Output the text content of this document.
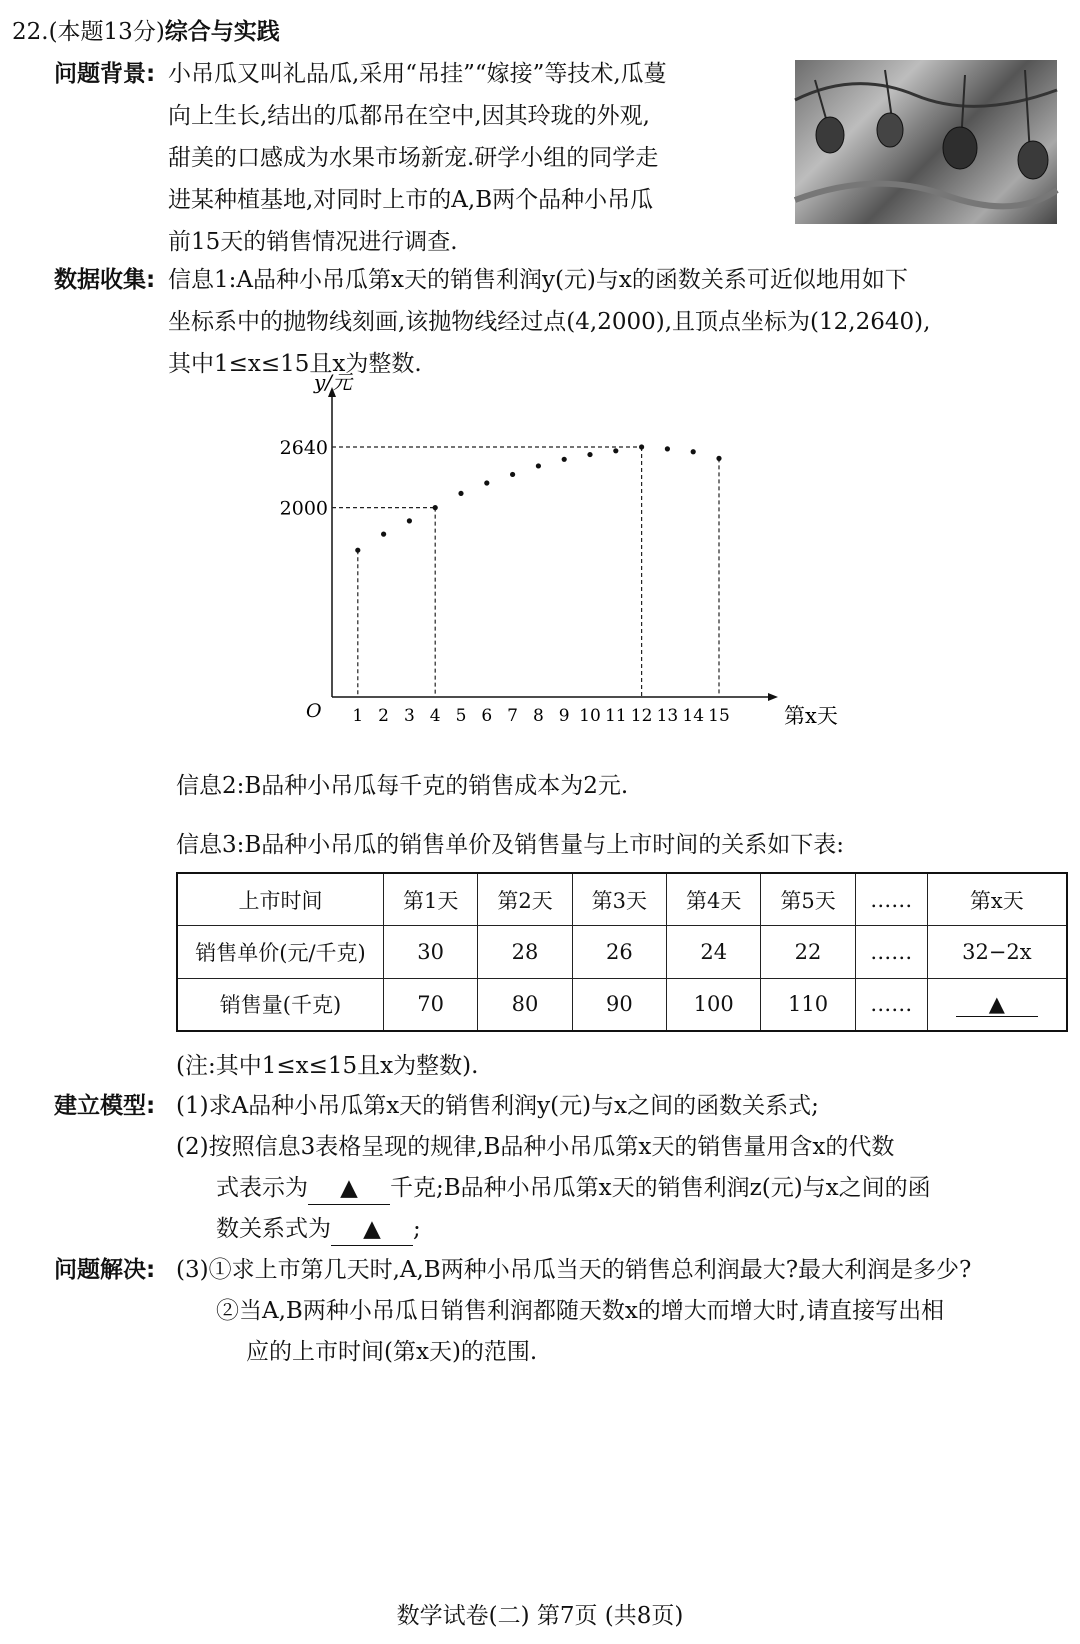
22.(本题13分)综合与实践
问题背景: 小吊瓜又叫礼品瓜,采用“吊挂”“嫁接”等技术,瓜蔓
向上生长,结出的瓜都吊在空中,因其玲珑的外观,
甜美的口感成为水果市场新宠.研学小组的同学走
进某种植基地,对同时上市的A,B两个品种小吊瓜
前15天的销售情况进行调查.
数据收集: 信息1:A品种小吊瓜第x天的销售利润y(元)与x的函数关系可近似地用如下
坐标系中的抛物线刻画,该抛物线经过点(4,2000),且顶点坐标为(12,2640),
其中1≤x≤15且x为整数.
y/元
第x天
O 1 2 3 4 5 6 7 8 9 10 11 12 13 14 15
2000
2640
信息2:B品种小吊瓜每千克的销售成本为2元.
信息3:B品种小吊瓜的销售单价及销售量与上市时间的关系如下表:
上市时间	第1天	第2天	第3天	第4天	第5天	……	第x天
销售单价(元/千克)	30	28	26	24	22	……	32−2x
销售量(千克)	70	80	90	100	110	……	▲
(注:其中1≤x≤15且x为整数).
建立模型: (1)求A品种小吊瓜第x天的销售利润y(元)与x之间的函数关系式;
(2)按照信息3表格呈现的规律,B品种小吊瓜第x天的销售量用含x的代数
式表示为 ▲ 千克;B品种小吊瓜第x天的销售利润z(元)与x之间的函
数关系式为 ▲ ;
问题解决: (3)①求上市第几天时,A,B两种小吊瓜当天的销售总利润最大?最大利润是多少?
②当A,B两种小吊瓜日销售利润都随天数x的增大而增大时,请直接写出相
应的上市时间(第x天)的范围.
数学试卷(二) 第7页 (共8页)
